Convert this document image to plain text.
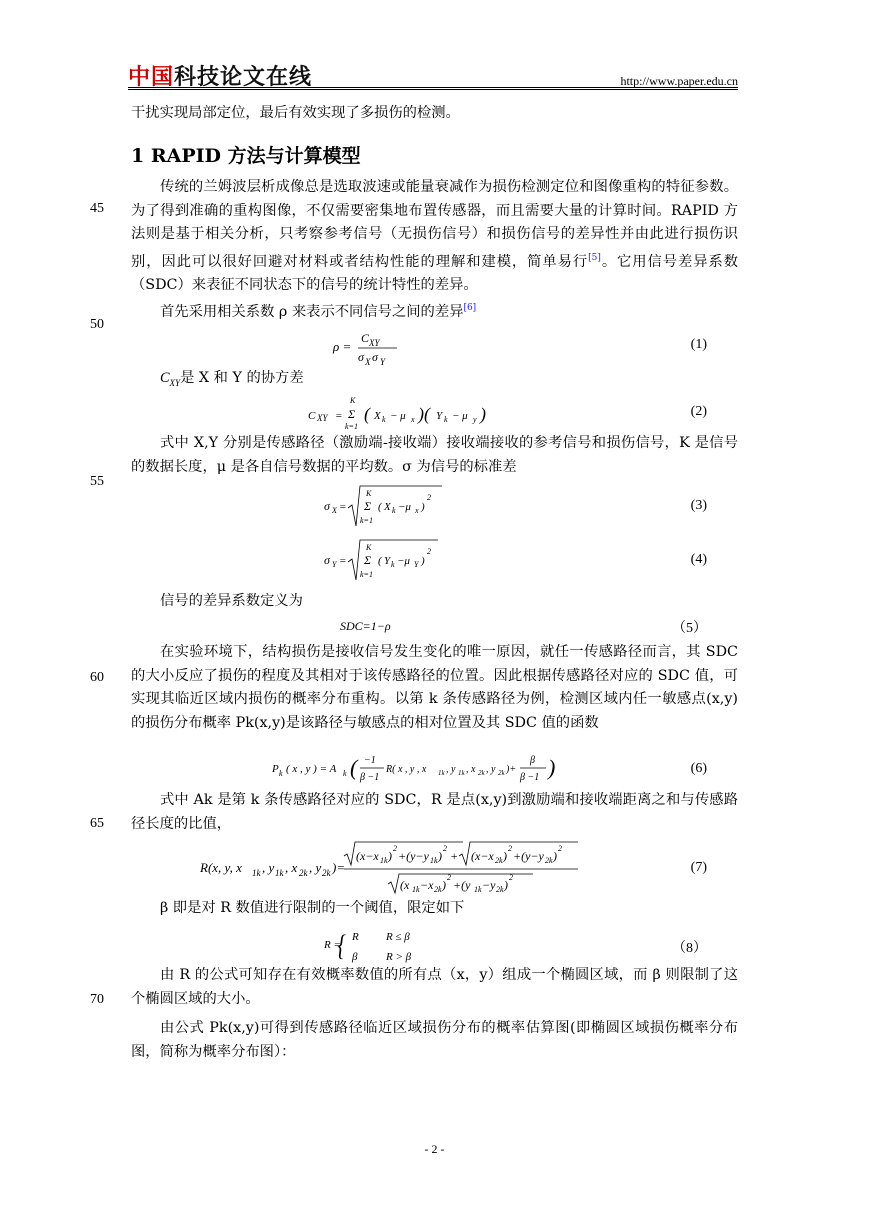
中国科技论文在线	http://www.paper.edu.cn
45
50
55
60
65
70
干扰实现局部定位，最后有效实现了多损伤的检测。
1 RAPID 方法与计算模型
传统的兰姆波层析成像总是选取波速或能量衰减作为损伤检测定位和图像重构的特征参数。为了得到准确的重构图像，不仅需要密集地布置传感器，而且需要大量的计算时间。RAPID 方法则是基于相关分析，只考察参考信号（无损伤信号）和损伤信号的差异性并由此进行损伤识别，因此可以很好回避对材料或者结构性能的理解和建模，简单易行[5]。它用信号差异系数（SDC）来表征不同状态下的信号的统计特性的差异。
首先采用相关系数 ρ 来表示不同信号之间的差异[6]
ρ =
C XY
σ X σ Y
(1)
$C_{XY}$是 X 和 Y 的协方差
C XY =
K
Σ
k=1
( X k − μ x )( Y k − μ y )	(2)
式中 X,Y 分别是传感路径（激励端-接收端）接收端接收的参考信号和损伤信号，K 是信号的数据长度，μ 是各自信号数据的平均数。σ 为信号的标准差
σ X =
K
Σ
k=1
( X k −μ x )
2
(3)
σ Y =
K
Σ
k=1
( Y k −μ Y )
2
(4)
信号的差异系数定义为
SDC=1−ρ	（5）
在实验环境下，结构损伤是接收信号发生变化的唯一原因，就任一传感路径而言，其 SDC 的大小反应了损伤的程度及其相对于该传感路径的位置。因此根据传感路径对应的 SDC 值，可实现其临近区域内损伤的概率分布重构。以第 k 条传感路径为例，检测区域内任一敏感点(x,y)的损伤分布概率 Pk(x,y)是该路径与敏感点的相对位置及其 SDC 值的函数
P k ( x , y ) = A k ( −1
β −1
R( x , y , x 1k , y 1k , x 2k , y 2k )+
β
β −1 )	(6)
式中 Ak 是第 k 条传感路径对应的 SDC，R 是点(x,y)到激励端和接收端距离之和与传感路径长度的比值，
R(x, y, x 1k , y 1k , x 2k , y 2k )=
(x−x 1k )
2
+(y−y 1k )
2
+ (x−x 2k )
2
+(y−y 2k )
2
(x 1k −x 2k )
2
+(y 1k −y 2k )
2
(7)
β 即是对 R 数值进行限制的一个阈值，限定如下
R =
{ R R ≤ β
β	R > β
（8）
由 R 的公式可知存在有效概率数值的所有点（x，y）组成一个椭圆区域，而 β 则限制了这个椭圆区域的大小。
由公式 Pk(x,y)可得到传感路径临近区域损伤分布的概率估算图(即椭圆区域损伤概率分布图，简称为概率分布图）：
- 2 -
